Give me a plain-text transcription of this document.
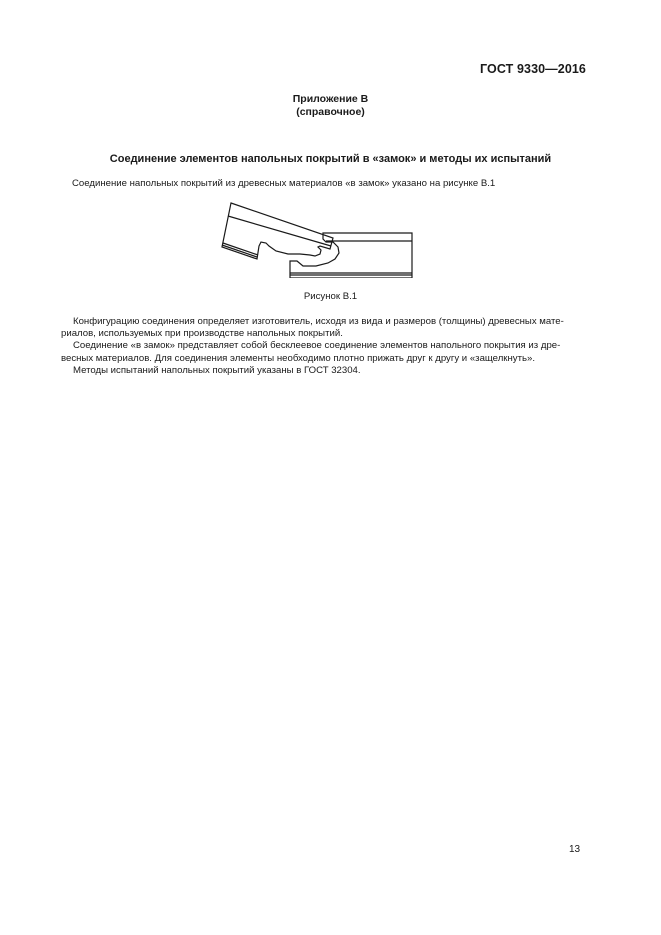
ГОСТ 9330—2016
Приложение В
(справочное)
Соединение элементов напольных покрытий в «замок» и методы их испытаний
Соединение напольных покрытий из древесных материалов «в замок» указано на рисунке В.1
Рисунок В.1

Конфигурацию соединения определяет изготовитель, исходя из вида и размеров (толщины) древесных мате-

риалов, используемых при производстве напольных покрытий.

Соединение «в замок» представляет собой бесклеевое соединение элементов напольного покрытия из дре-

весных материалов. Для соединения элементы необходимо плотно прижать друг к другу и «защелкнуть».

Методы испытаний напольных покрытий указаны в ГОСТ 32304.

13
